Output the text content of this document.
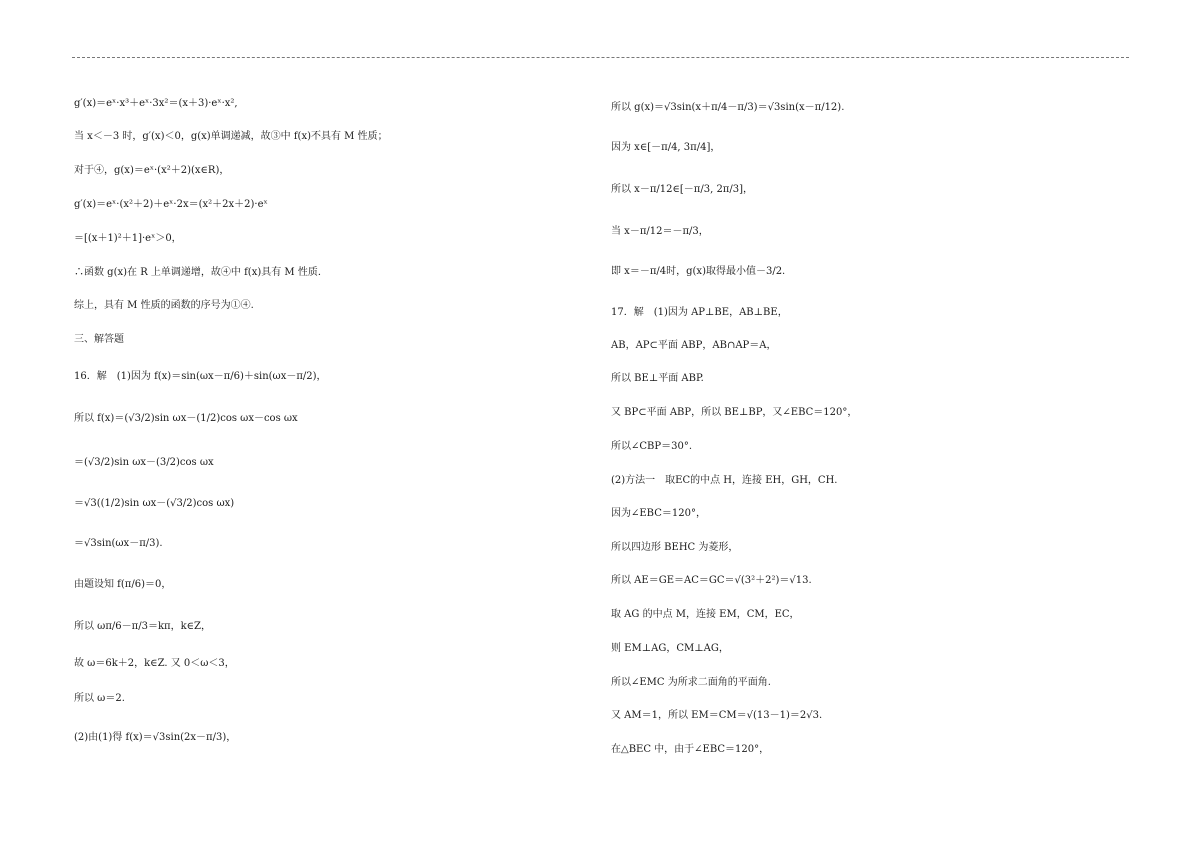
g′(x)＝eˣ·x³＋eˣ·3x²＝(x＋3)·eˣ·x²,
当 x＜－3 时，g′(x)＜0，g(x)单调递减，故③中 f(x)不具有 M 性质；
对于④，g(x)＝eˣ·(x²＋2)(x∈R)，
g′(x)＝eˣ·(x²＋2)＋eˣ·2x＝(x²＋2x＋2)·eˣ
＝[(x＋1)²＋1]·eˣ＞0，
∴函数 g(x)在 R 上单调递增，故④中 f(x)具有 M 性质．
综上，具有 M 性质的函数的序号为①④.
三、解答题
16．解　(1)因为 f(x)＝sin(ωx－π/6)＋sin(ωx－π/2)，
所以 f(x)＝(√3/2)sin ωx－(1/2)cos ωx－cos ωx
＝(√3/2)sin ωx－(3/2)cos ωx
＝√3((1/2)sin ωx－(√3/2)cos ωx)
＝√3sin(ωx－π/3).
由题设知 f(π/6)＝0，
所以 ωπ/6－π/3＝kπ，k∈Z，
故 ω＝6k＋2，k∈Z. 又 0＜ω＜3，
所以 ω＝2.
(2)由(1)得 f(x)＝√3sin(2x－π/3)，
所以 g(x)＝√3sin(x＋π/4－π/3)＝√3sin(x－π/12).
因为 x∈[－π/4, 3π/4]，
所以 x－π/12∈[－π/3, 2π/3]，
当 x－π/12＝－π/3，
即 x＝－π/4时，g(x)取得最小值－3/2.
17．解　(1)因为 AP⊥BE，AB⊥BE，
AB，AP⊂平面 ABP，AB∩AP＝A，
所以 BE⊥平面 ABP.
又 BP⊂平面 ABP，所以 BE⊥BP，又∠EBC＝120°，
所以∠CBP＝30°.
(2)方法一　取EC的中点 H，连接 EH，GH，CH.
因为∠EBC＝120°，
所以四边形 BEHC 为菱形，
所以 AE＝GE＝AC＝GC＝√(3²＋2²)＝√13.
取 AG 的中点 M，连接 EM，CM，EC，
则 EM⊥AG，CM⊥AG，
所以∠EMC 为所求二面角的平面角.
又 AM＝1，所以 EM＝CM＝√(13－1)＝2√3.
在△BEC 中，由于∠EBC＝120°，
